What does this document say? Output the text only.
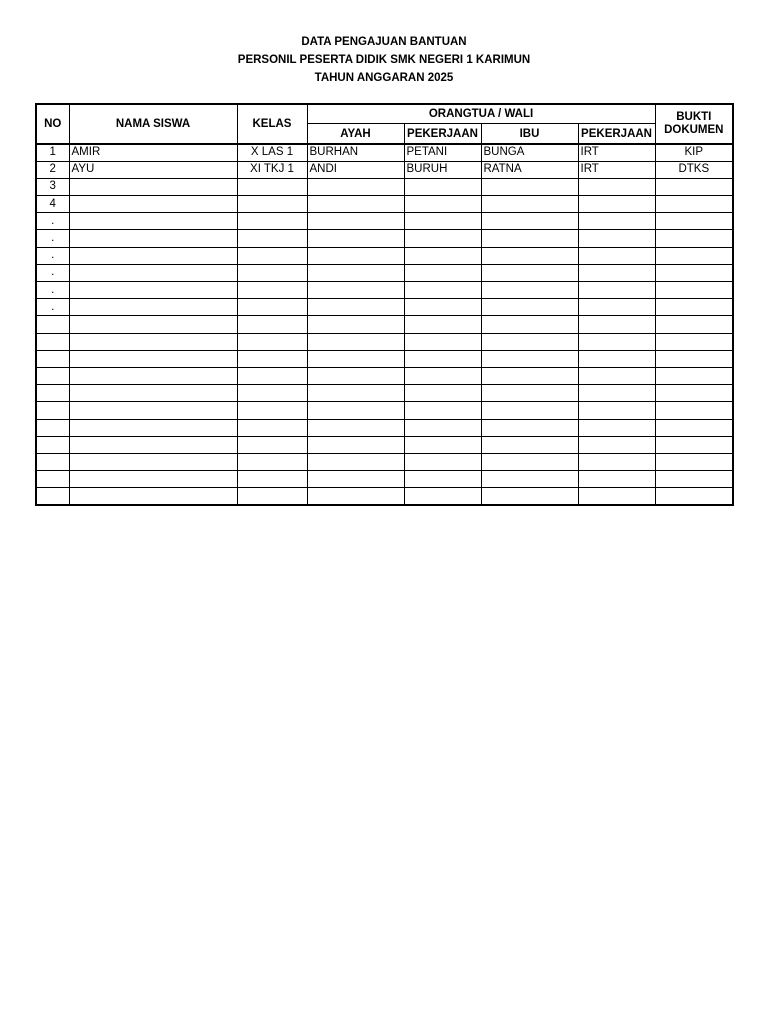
DATA PENGAJUAN BANTUAN
PERSONIL PESERTA DIDIK SMK NEGERI 1 KARIMUN
TAHUN ANGGARAN 2025
NO	NAMA SISWA	KELAS	ORANGTUA / WALI				BUKTI DOKUMEN
			AYAH	PEKERJAAN	IBU	PEKERJAAN	
1	AMIR	X LAS 1	BURHAN	PETANI	BUNGA	IRT	KIP
2	AYU	XI TKJ 1	ANDI	BURUH	RATNA	IRT	DTKS
3							
4							
.							
.							
.							
.							
.							
.							
